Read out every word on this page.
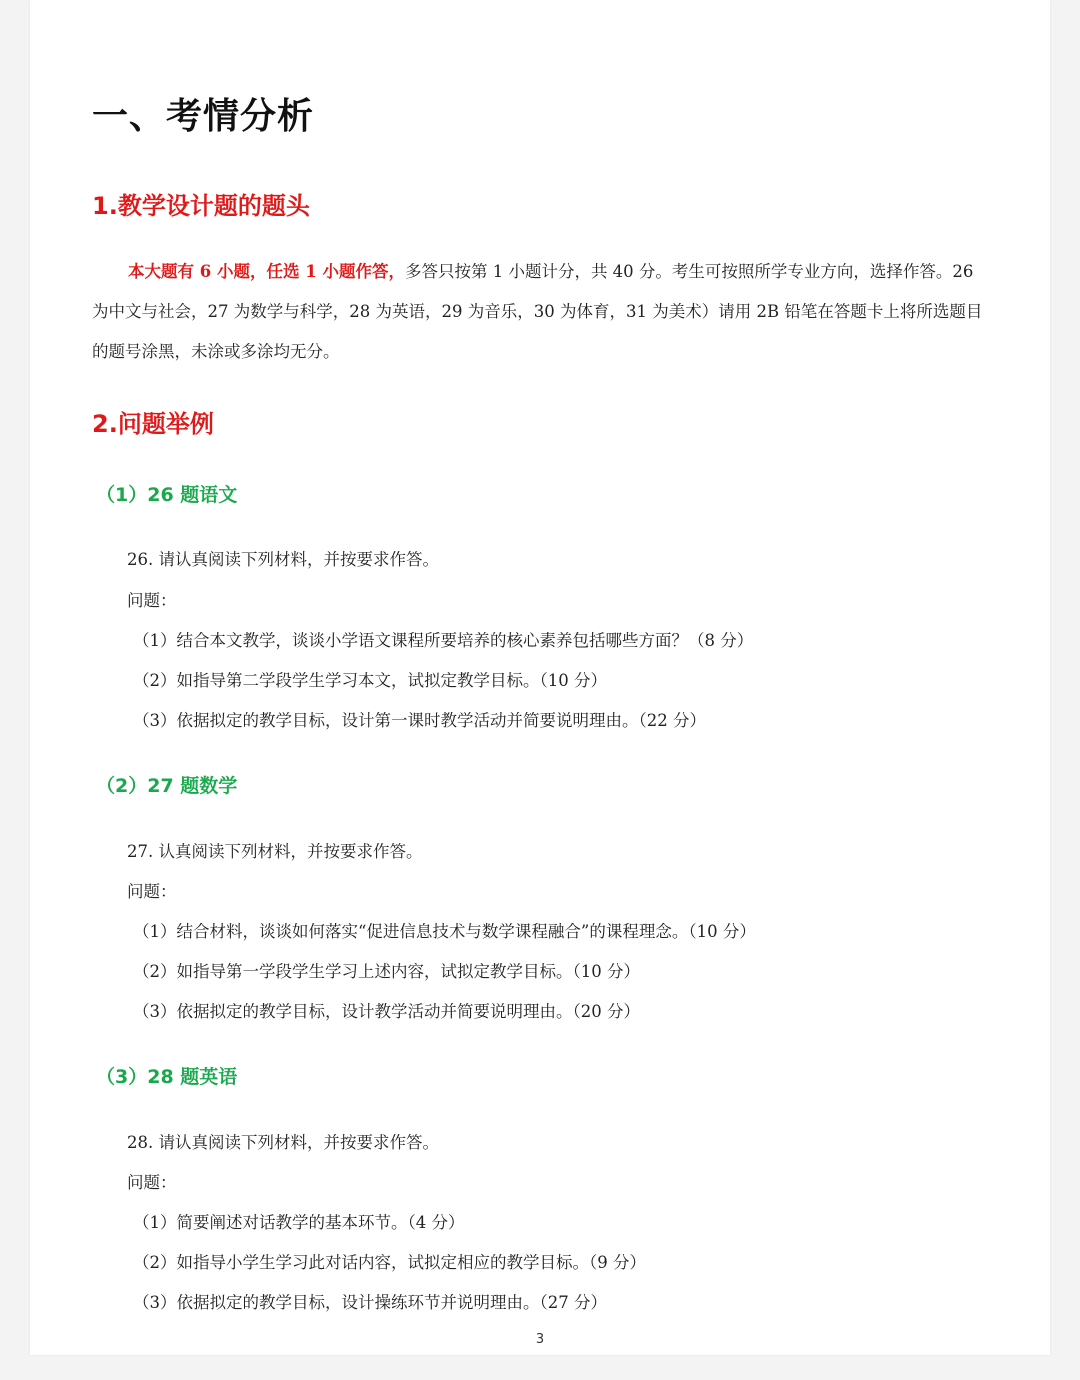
一、考情分析
1.教学设计题的题头

本大题有 6 小题，任选 1 小题作答，多答只按第 1 小题计分，共 40 分。考生可按照所学专业方向，选择作答。26 为中文与社会，27 为数学与科学，28 为英语，29 为音乐，30 为体育，31 为美术）请用 2B 铅笔在答题卡上将所选题目的题号涂黑，未涂或多涂均无分。

2.问题举例
（1）26 题语文

26. 请认真阅读下列材料，并按要求作答。

问题：

（1）结合本文教学，谈谈小学语文课程所要培养的核心素养包括哪些方面？（8 分）

（2）如指导第二学段学生学习本文，试拟定教学目标。（10 分）

（3）依据拟定的教学目标，设计第一课时教学活动并简要说明理由。（22 分）

（2）27 题数学

27. 认真阅读下列材料，并按要求作答。

问题：

（1）结合材料，谈谈如何落实“促进信息技术与数学课程融合”的课程理念。（10 分）

（2）如指导第一学段学生学习上述内容，试拟定教学目标。（10 分）

（3）依据拟定的教学目标，设计教学活动并简要说明理由。（20 分）

（3）28 题英语

28. 请认真阅读下列材料，并按要求作答。

问题：

（1）简要阐述对话教学的基本环节。（4 分）

（2）如指导小学生学习此对话内容，试拟定相应的教学目标。（9 分）

（3）依据拟定的教学目标，设计操练环节并说明理由。（27 分）

3
